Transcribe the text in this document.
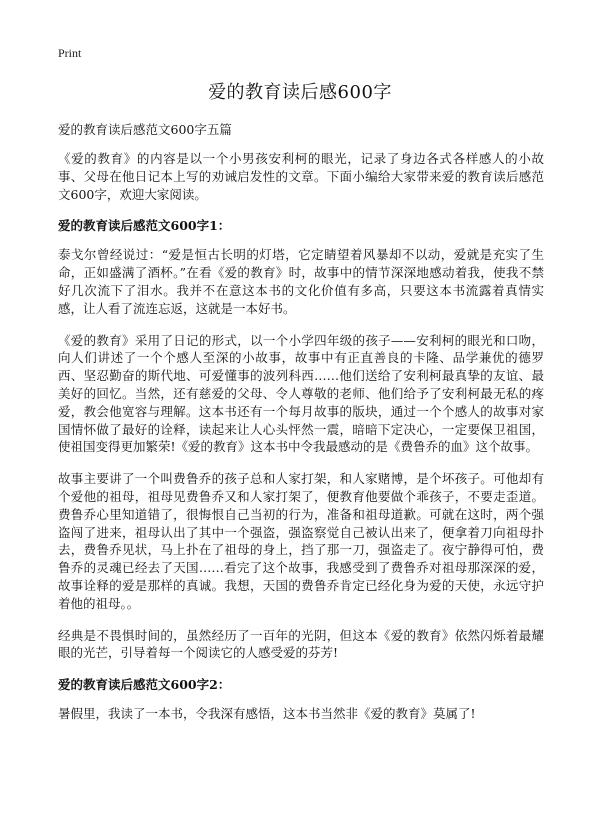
Print
爱的教育读后感600字

爱的教育读后感范文600字五篇

《爱的教育》的内容是以一个小男孩安利柯的眼光，记录了身边各式各样感人的小故事、父母在他日记本上写的劝诫启发性的文章。下面小编给大家带来爱的教育读后感范文600字，欢迎大家阅读。

爱的教育读后感范文600字1：

泰戈尔曾经说过：“爱是恒古长明的灯塔，它定睛望着风暴却不以动，爱就是充实了生命，正如盛满了酒杯。”在看《爱的教育》时，故事中的情节深深地感动着我，使我不禁好几次流下了泪水。我并不在意这本书的文化价值有多高，只要这本书流露着真情实感，让人看了流连忘返，这就是一本好书。

《爱的教育》采用了日记的形式，以一个小学四年级的孩子——安利柯的眼光和口吻，向人们讲述了一个个感人至深的小故事，故事中有正直善良的卡隆、品学兼优的德罗西、坚忍勤奋的斯代地、可爱懂事的波列科西……他们送给了安利柯最真挚的友谊、最美好的回忆。当然，还有慈爱的父母、令人尊敬的老师、他们给予了安利柯最无私的疼爱，教会他宽容与理解。这本书还有一个每月故事的版块，通过一个个感人的故事对家国情怀做了最好的诠释，读起来让人心头怦然一震，暗暗下定决心，一定要保卫祖国，使祖国变得更加繁荣!《爱的教育》这本书中令我最感动的是《费鲁乔的血》这个故事。

故事主要讲了一个叫费鲁乔的孩子总和人家打架，和人家赌博，是个坏孩子。可他却有个爱他的祖母，祖母见费鲁乔又和人家打架了，便教育他要做个乖孩子，不要走歪道。费鲁乔心里知道错了，很悔恨自己当初的行为，准备和祖母道歉。可就在这时，两个强盗闯了进来，祖母认出了其中一个强盗，强盗察觉自己被认出来了，便拿着刀向祖母扑去，费鲁乔见状，马上扑在了祖母的身上，挡了那一刀，强盗走了。夜宁静得可怕，费鲁乔的灵魂已经去了天国……看完了这个故事，我感受到了费鲁乔对祖母那深深的爱，故事诠释的爱是那样的真诚。我想，天国的费鲁乔肯定已经化身为爱的天使，永远守护着他的祖母。。

经典是不畏惧时间的，虽然经历了一百年的光阴，但这本《爱的教育》依然闪烁着最耀眼的光芒，引导着每一个阅读它的人感受爱的芬芳!

爱的教育读后感范文600字2：

暑假里，我读了一本书，令我深有感悟，这本书当然非《爱的教育》莫属了!
